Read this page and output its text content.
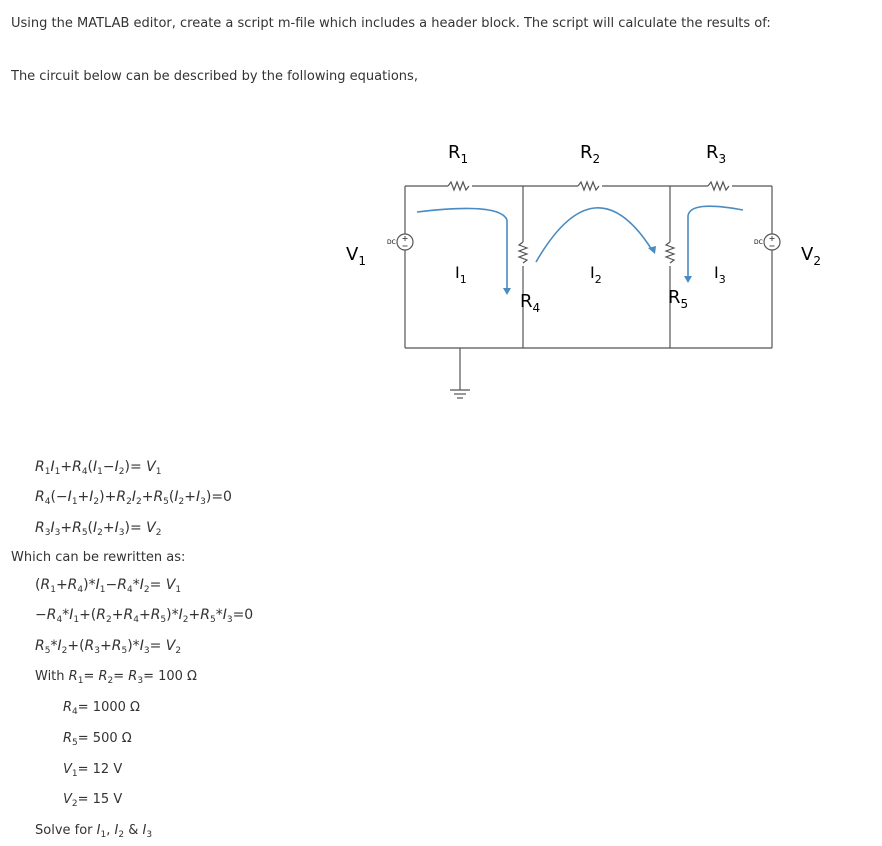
Using the MATLAB editor, create a script m-file which includes a header block. The script will calculate the results of:
The circuit below can be described by the following equations,
$R_1$	$R_2$	$R_3$
$R_4$	$R_5$
$V_1$	$V_2$
$I_1$	$I_2$	$I_3$
DC	DC
$R_1I_1+R_4(I_1-I_2)= V_1$
$R_4(-I_1+I_2)+R_2I_2+R_5(I_2+I_3)=0$
$R_3I_3+R_5(I_2+I_3)= V_2$
Which can be rewritten as:
$(R_1+R_4)*I_1-R_4*I_2= V_1$
$-R_4*I_1+(R_2+R_4+R_5)*I_2+R_5*I_3=0$
$R_5*I_2+(R_3+R_5)*I_3= V_2$
With $R_1= R_2= R_3= 100$ Ω
$R_4= 1000$ Ω
$R_5= 500$ Ω
$V_1= 12$ V
$V_2= 15$ V
Solve for $I_1$, $I_2$ & $I_3$
